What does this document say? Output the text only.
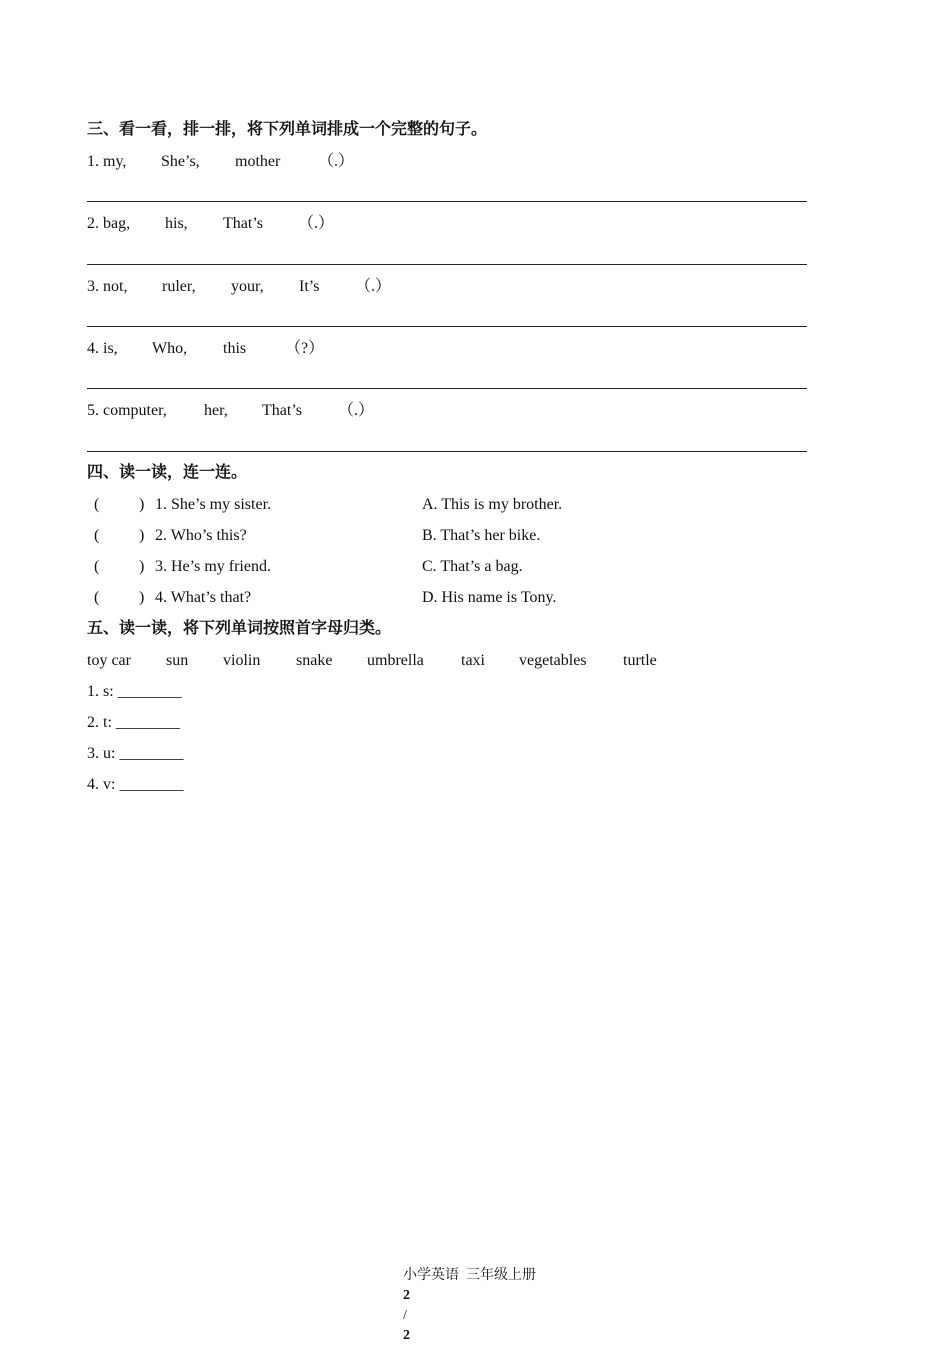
三、看一看，排一排，将下列单词排成一个完整的句子。
1. my, She’s, mother （.）
2. bag, his, That’s （.）
3. not, ruler, your, It’s （.）
4. is, Who, this （?）
5. computer, her, That’s （.）
四、读一读，连一连。
( ) 1. She’s my sister.	A. This is my brother.
( ) 2. Who’s this?	B. That’s her bike.
( ) 3. He’s my friend.	C. That’s a bag.
( ) 4. What’s that?	D. His name is Tony.
五、读一读，将下列单词按照首字母归类。
toy car sun violin snake umbrella taxi vegetables turtle
1. s: ________
2. t: ________
3. u: ________
4. v: ________

小学英语  三年级上册
2
/
2
